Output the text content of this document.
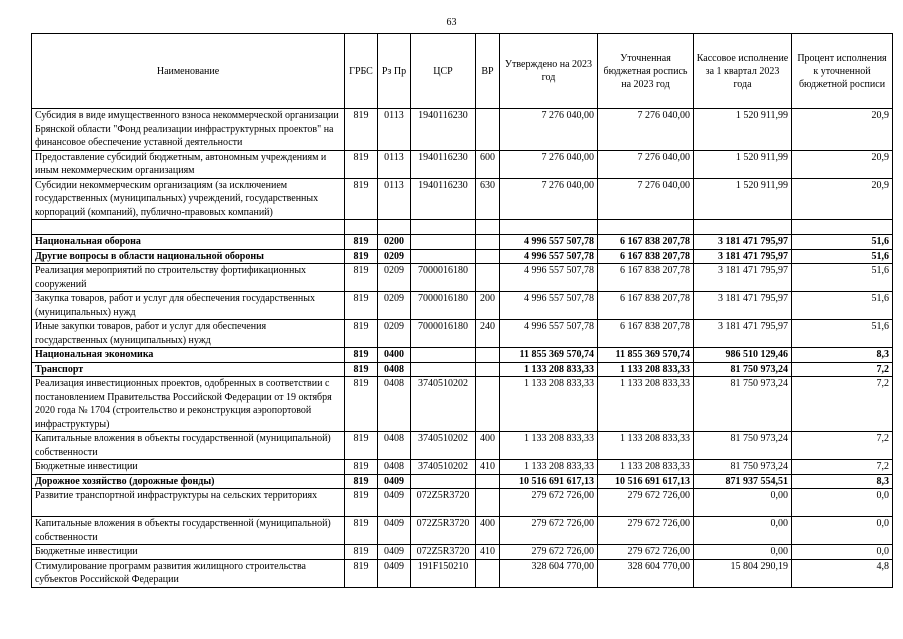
63
Наименование	ГРБС	Рз Пр	ЦСР	ВР	Утверждено на 2023 год	Уточненная бюджетная роспись на 2023 год	Кассовое исполнение за 1 квартал 2023 года	Процент исполнения к уточненной бюджетной росписи
Субсидия в виде имущественного взноса некоммерческой организации Брянской области "Фонд реализации инфраструктурных проектов" на финансовое обеспечение уставной деятельности	819	0113	1940116230		7 276 040,00	7 276 040,00	1 520 911,99	20,9
Предоставление субсидий бюджетным, автономным учреждениям и иным некоммерческим организациям	819	0113	1940116230	600	7 276 040,00	7 276 040,00	1 520 911,99	20,9
Субсидии некоммерческим организациям (за исключением государственных (муниципальных) учреждений, государственных корпораций (компаний), публично-правовых компаний)	819	0113	1940116230	630	7 276 040,00	7 276 040,00	1 520 911,99	20,9

Национальная оборона	819	0200			4 996 557 507,78	6 167 838 207,78	3 181 471 795,97	51,6
Другие вопросы в области национальной обороны	819	0209			4 996 557 507,78	6 167 838 207,78	3 181 471 795,97	51,6
Реализация мероприятий по строительству фортификационных сооружений	819	0209	7000016180		4 996 557 507,78	6 167 838 207,78	3 181 471 795,97	51,6
Закупка товаров, работ и услуг для обеспечения государственных (муниципальных) нужд	819	0209	7000016180	200	4 996 557 507,78	6 167 838 207,78	3 181 471 795,97	51,6
Иные закупки товаров, работ и услуг для обеспечения государственных (муниципальных) нужд	819	0209	7000016180	240	4 996 557 507,78	6 167 838 207,78	3 181 471 795,97	51,6
Национальная экономика	819	0400			11 855 369 570,74	11 855 369 570,74	986 510 129,46	8,3
Транспорт	819	0408			1 133 208 833,33	1 133 208 833,33	81 750 973,24	7,2
Реализация инвестиционных проектов, одобренных в соответствии с постановлением Правительства Российской Федерации от 19 октября 2020 года № 1704 (строительство и реконструкция аэропортовой инфраструктуры)	819	0408	3740510202		1 133 208 833,33	1 133 208 833,33	81 750 973,24	7,2
Капитальные вложения в объекты государственной (муниципальной) собственности	819	0408	3740510202	400	1 133 208 833,33	1 133 208 833,33	81 750 973,24	7,2
Бюджетные инвестиции	819	0408	3740510202	410	1 133 208 833,33	1 133 208 833,33	81 750 973,24	7,2
Дорожное хозяйство (дорожные фонды)	819	0409			10 516 691 617,13	10 516 691 617,13	871 937 554,51	8,3
Развитие транспортной инфраструктуры на сельских территориях	819	0409	072Z5R3720		279 672 726,00	279 672 726,00	0,00	0,0
Капитальные вложения в объекты государственной (муниципальной) собственности	819	0409	072Z5R3720	400	279 672 726,00	279 672 726,00	0,00	0,0
Бюджетные инвестиции	819	0409	072Z5R3720	410	279 672 726,00	279 672 726,00	0,00	0,0
Стимулирование программ развития жилищного строительства субъектов Российской Федерации	819	0409	191F150210		328 604 770,00	328 604 770,00	15 804 290,19	4,8
